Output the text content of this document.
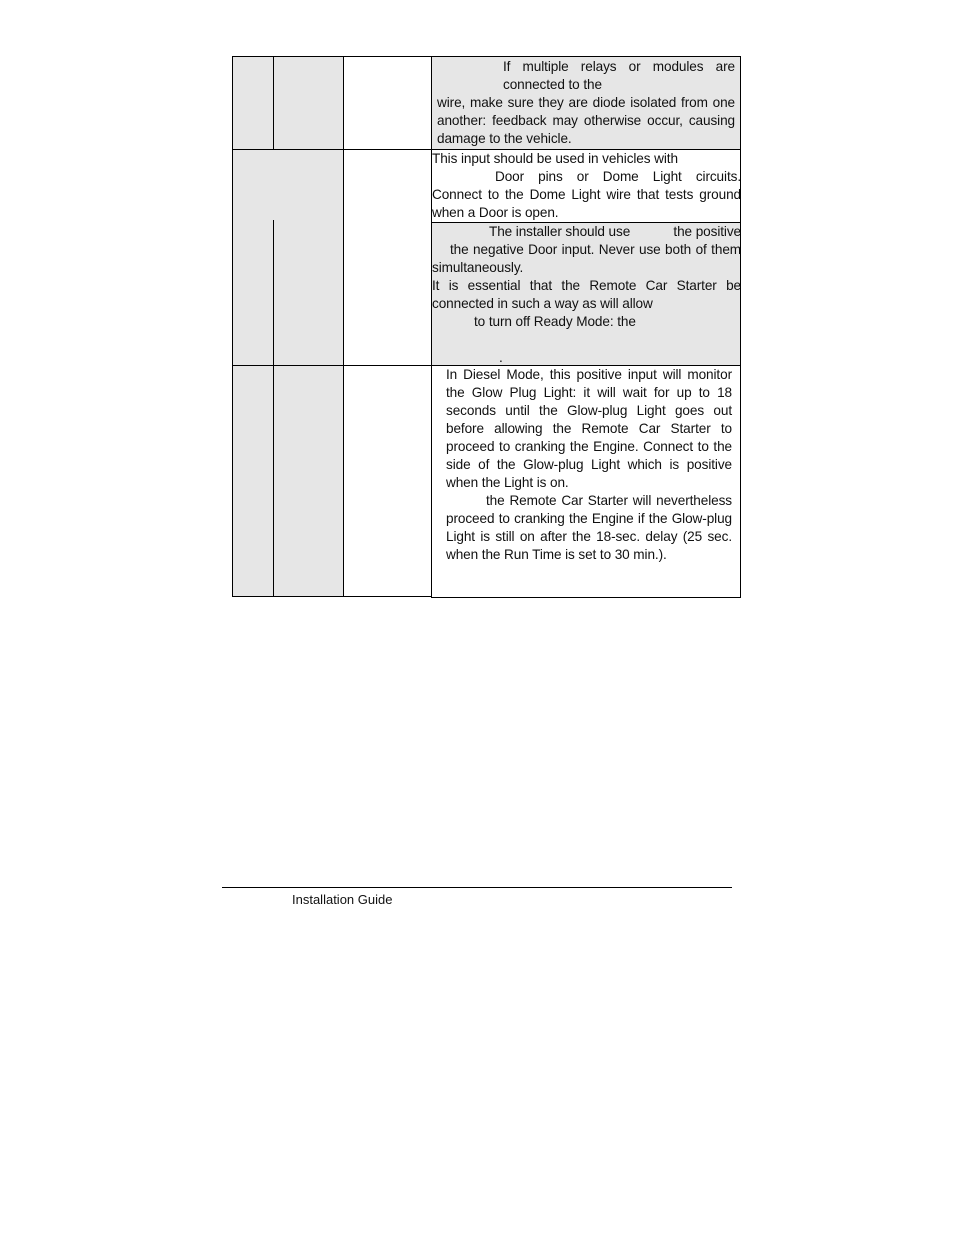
If multiple relays or modules are connected to the

wire, make sure they are diode isolated from one another: feedback may otherwise occur, causing damage to the vehicle.

This input should be used in vehicles with

Door pins or Dome Light circuits. Connect to the Dome Light wire that tests ground when a Door is open.

The installer should use	the positive

the negative Door input. Never use both of them simultaneously.

It is essential that the Remote Car Starter be connected in such a way as will allow

to turn off Ready Mode: the

.

In Diesel Mode, this positive input will monitor the Glow Plug Light: it will wait for up to 18 seconds until the Glow-plug Light goes out before allowing the Remote Car Starter to proceed to cranking the Engine. Connect to the side of the Glow-plug Light which is positive when the Light is on.

the Remote Car Starter will nevertheless proceed to cranking the Engine if the Glow-plug Light is still on after the 18-sec. delay (25 sec. when the Run Time is set to 30 min.).

Installation Guide
